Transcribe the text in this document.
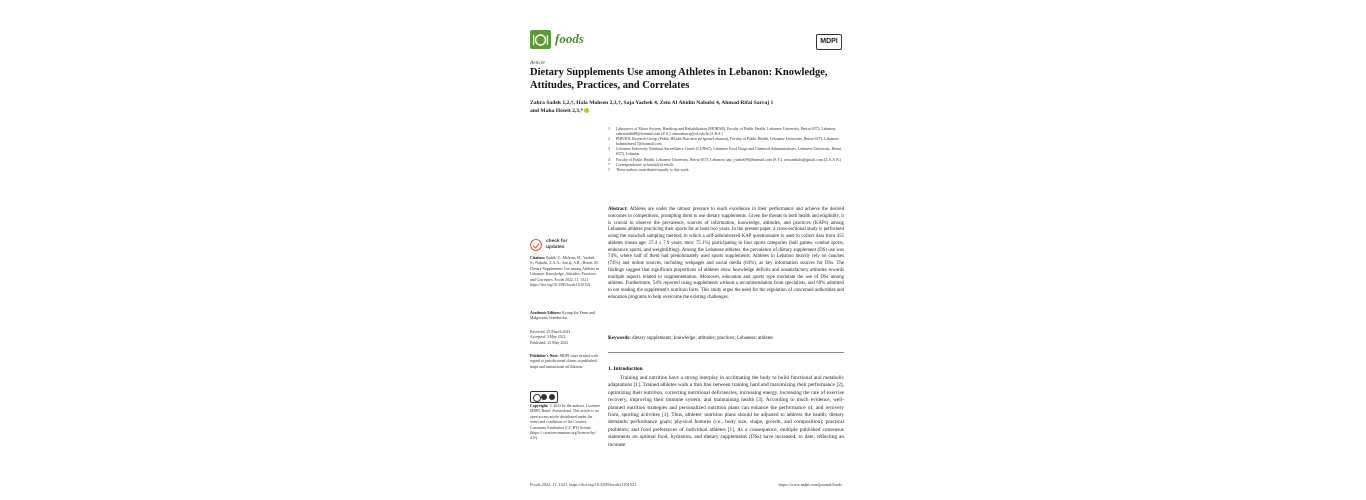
foods	MDPI
Article
Dietary Supplements Use among Athletes in Lebanon: Knowledge, Attitudes, Practices, and Correlates
Zahra Sadek 1,2,†, Hala Mohsen 2,3,†, Saja Yazbek 4, Zein Al Abidin Nabulsi 4, Ahmad Rifai Sarraj 1
and Maha Hoteit 2,3,*
1	Laboratory of Motor System, Handicap and Rehabilitation (MOHAR), Faculty of Public Health, Lebanese University, Beirut 6573, Lebanon; zahrasadek88@hotmail.com (Z.S.); ahmadsarraj@ul.edu.lb (A.R.S.)
2	PHENOL Research Group (Public HEalth Nutrition prOgram-Lebanon), Faculty of Public Health, Lebanese University, Beirut 6573, Lebanon; halamohsen17@hotmail.com
3	Lebanese University Nutrition Surveillance Center (LUNSC), Lebanese Food Drugs and Chemical Administrations, Lebanese University, Beirut 6573, Lebanon
4	Faculty of Public Health, Lebanese University, Beirut 6573, Lebanon; saja_yazbek99@hotmail.com (S.Y.); zein.nabulsi@gmail.com (Z.A.A.N.)
*	Correspondence: m.hoteit@ul.edu.lb
†	These authors contributed equally to this work.
Abstract: Athletes are under the utmost pressure to reach excellence in their performance and achieve the desired outcomes in competitions, prompting them to use dietary supplements. Given the threats to both health and eligibility, it is crucial to observe the prevalence, sources of information, knowledge, attitudes, and practices (KAPs) among Lebanese athletes practicing their sports for at least two years. In the present paper, a cross-sectional study is performed using the snowball sampling method, in which a self-administered KAP questionnaire is used to collect data from 455 athletes (mean age: 27.4 ± 7.9 years; men: 75.1%) participating in four sports categories (ball games, combat sports, endurance sports, and weightlifting). Among the Lebanese athletes, the prevalence of dietary supplement (DS) use was 74%, where half of them had predominately used sports supplements. Athletes in Lebanon heavily rely on coaches (74%) and online sources, including webpages and social media (64%), as key information sources for DSs. The findings suggest that significant proportions of athletes show knowledge deficits and unsatisfactory attitudes towards multiple aspects related to supplementation. Moreover, education and sports type modulate the use of DSs among athletes. Furthermore, 54% reported using supplements without a recommendation from specialists, and 69% admitted to not reading the supplement's nutrition facts. This study urges the need for the regulation of concerned authorities and education programs to help overcome the existing challenges.
Keywords: dietary supplements; knowledge; attitudes; practices; Lebanese; athletes
1. Introduction
Training and nutrition have a strong interplay in acclimating the body to build functional and metabolic adaptations [1]. Trained athletes walk a thin line between training hard and maximizing their performance [2], optimizing their nutrition, correcting nutritional deficiencies, increasing energy, increasing the rate of exercise recovery, improving their immune system, and maintaining health [3]. According to much evidence, well-planned nutrition strategies and personalized nutrition plans can enhance the performance of, and recovery from, sporting activities [1]. Thus, athletes' nutrition plans should be adjusted to address the health; dietary demands; performance goals; physical features (i.e., body size, shape, growth, and composition); practical problems; and food preferences of individual athletes [1]. As a consequence, multiple published consensus statements on optimal food, hydration, and dietary supplements (DSs) have increased, to date, reflecting an increase
check for
updates
Citation: Sadek, Z.; Mohsen, H.; Yazbek, S.; Nabulsi, Z.A.A.; Sarraj, A.R.; Hoteit, M. Dietary Supplements Use among Athletes in Lebanon: Knowledge, Attitudes, Practices, and Correlates. Foods 2022, 11, 1521. https://doi.org/10.3390/foods11101521
Academic Editors: Kyung-Jin Yeum and Małgorzata Grembecka
Received: 25 March 2022
Accepted: 3 May 2022
Published: 23 May 2022
Publisher's Note: MDPI stays neutral with regard to jurisdictional claims in published maps and institutional affiliations.
Copyright: © 2022 by the authors. Licensee MDPI, Basel, Switzerland. This article is an open access article distributed under the terms and conditions of the Creative Commons Attribution (CC BY) license (https:// creativecommons.org/licenses/by/ 4.0/).
Foods 2022, 11, 1521. https://doi.org/10.3390/foods11101521	https://www.mdpi.com/journal/foods
